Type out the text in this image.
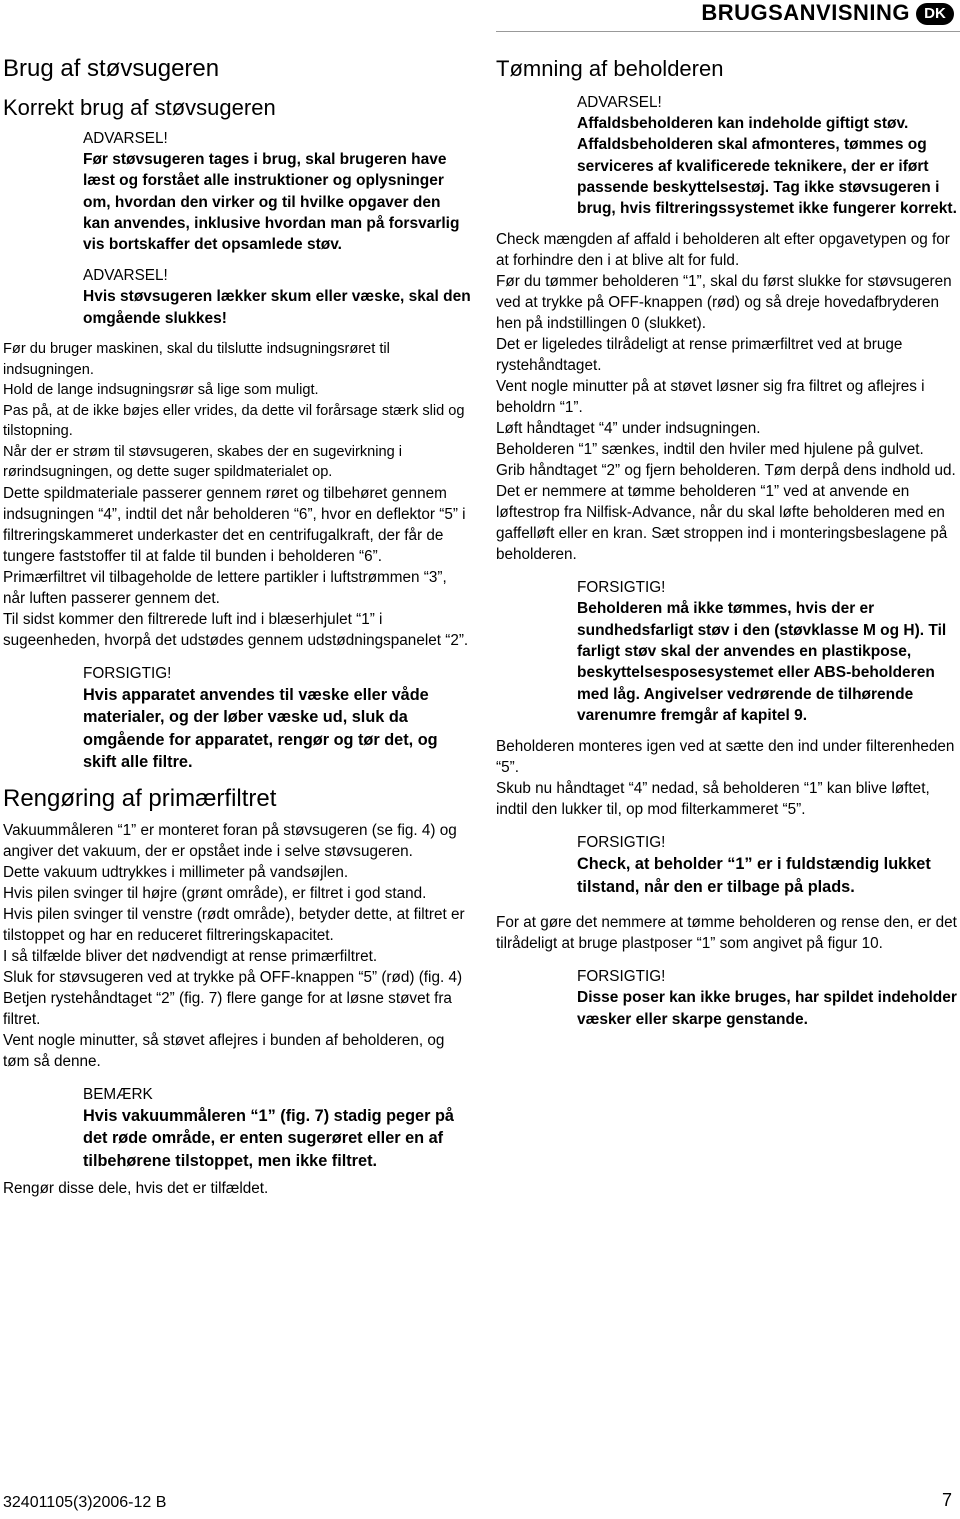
BRUGSANVISNING DK
Brug af støvsugeren
Korrekt brug af støvsugeren
ADVARSEL!
Før støvsugeren tages i brug, skal brugeren have læst og forstået alle instruktioner og oplysninger om, hvordan den virker og til hvilke opgaver den kan anvendes, inklusive hvordan man på forsvarlig vis bortskaffer det opsamlede støv.
ADVARSEL!
Hvis støvsugeren lækker skum eller væske, skal den omgående slukkes!

Før du bruger maskinen, skal du tilslutte indsugningsrøret til indsugningen.

Hold de lange indsugningsrør så lige som muligt.

Pas på, at de ikke bøjes eller vrides, da dette vil forårsage stærk slid og tilstopning.

Når der er strøm til støvsugeren, skabes der en sugevirkning i rørindsugningen, og dette suger spildmaterialet op.

Dette spildmateriale passerer gennem røret og tilbehøret gennem indsugningen “4”, indtil det når beholderen “6”, hvor en deflektor “5” i filtreringskammeret underkaster det en centrifugalkraft, der får de tungere faststoffer til at falde til bunden i beholderen “6”.

Primærfiltret vil tilbageholde de lettere partikler i luftstrømmen “3”, når luften passerer gennem det.

Til sidst kommer den filtrerede luft ind i blæserhjulet “1” i sugeenheden, hvorpå det udstødes gennem udstødningspanelet “2”.

FORSIGTIG!
Hvis apparatet anvendes til væske eller våde materialer, og der løber væske ud, sluk da omgående for apparatet, rengør og tør det, og skift alle filtre.
Rengøring af primærfiltret

Vakuummåleren “1” er monteret foran på støvsugeren (se fig. 4) og angiver det vakuum, der er opstået inde i selve støvsugeren.

Dette vakuum udtrykkes i millimeter på vandsøjlen.

Hvis pilen svinger til højre (grønt område), er filtret i god stand.

Hvis pilen svinger til venstre (rødt område), betyder dette, at filtret er tilstoppet og har en reduceret filtreringskapacitet.

I så tilfælde bliver det nødvendigt at rense primærfiltret.

Sluk for støvsugeren ved at trykke på OFF-knappen “5” (rød) (fig. 4)

Betjen rystehåndtaget “2” (fig. 7) flere gange for at løsne støvet fra filtret.

Vent nogle minutter, så støvet aflejres i bunden af beholderen, og tøm så denne.

BEMÆRK
Hvis vakuummåleren “1” (fig. 7) stadig peger på det røde område, er enten sugerøret eller en af tilbehørene tilstoppet, men ikke filtret.

Rengør disse dele, hvis det er tilfældet.

Tømning af beholderen
ADVARSEL!
Affaldsbeholderen kan indeholde giftigt støv. Affaldsbeholderen skal afmonteres, tømmes og serviceres af kvalificerede teknikere, der er iført passende beskyttelsestøj. Tag ikke støvsugeren i brug, hvis filtreringssystemet ikke fungerer korrekt.

Check mængden af affald i beholderen alt efter opgavetypen og for at forhindre den i at blive alt for fuld.

Før du tømmer beholderen “1”, skal du først slukke for støvsugeren ved at trykke på OFF-knappen (rød) og så dreje hovedafbryderen hen på indstillingen 0 (slukket).

Det er ligeledes tilrådeligt at rense primærfiltret ved at bruge rystehåndtaget.

Vent nogle minutter på at støvet løsner sig fra filtret og aflejres i beholdrn “1”.

Løft håndtaget “4” under indsugningen.

Beholderen “1” sænkes, indtil den hviler med hjulene på gulvet.

Grib håndtaget “2” og fjern beholderen. Tøm derpå dens indhold ud.

Det er nemmere at tømme beholderen “1” ved at anvende en løftestrop fra Nilfisk-Advance, når du skal løfte beholderen med en gaffelløft eller en kran. Sæt stroppen ind i monteringsbeslagene på beholderen.

FORSIGTIG!
Beholderen må ikke tømmes, hvis der er sundhedsfarligt støv i den (støvklasse M og H). Til farligt støv skal der anvendes en plastikpose, beskyttelsesposesystemet eller ABS-beholderen med låg. Angivelser vedrørende de tilhørende varenumre fremgår af kapitel 9.

Beholderen monteres igen ved at sætte den ind under filterenheden “5”.

Skub nu håndtaget “4” nedad, så beholderen “1” kan blive løftet, indtil den lukker til, op mod filterkammeret “5”.

FORSIGTIG!
Check, at beholder “1” er i fuldstændig lukket tilstand, når den er tilbage på plads.

For at gøre det nemmere at tømme beholderen og rense den, er det tilrådeligt at bruge plastposer “1” som angivet på figur 10.

FORSIGTIG!
Disse poser kan ikke bruges, har spildet indeholder væsker eller skarpe genstande.
32401105(3)2006-12 B	7
